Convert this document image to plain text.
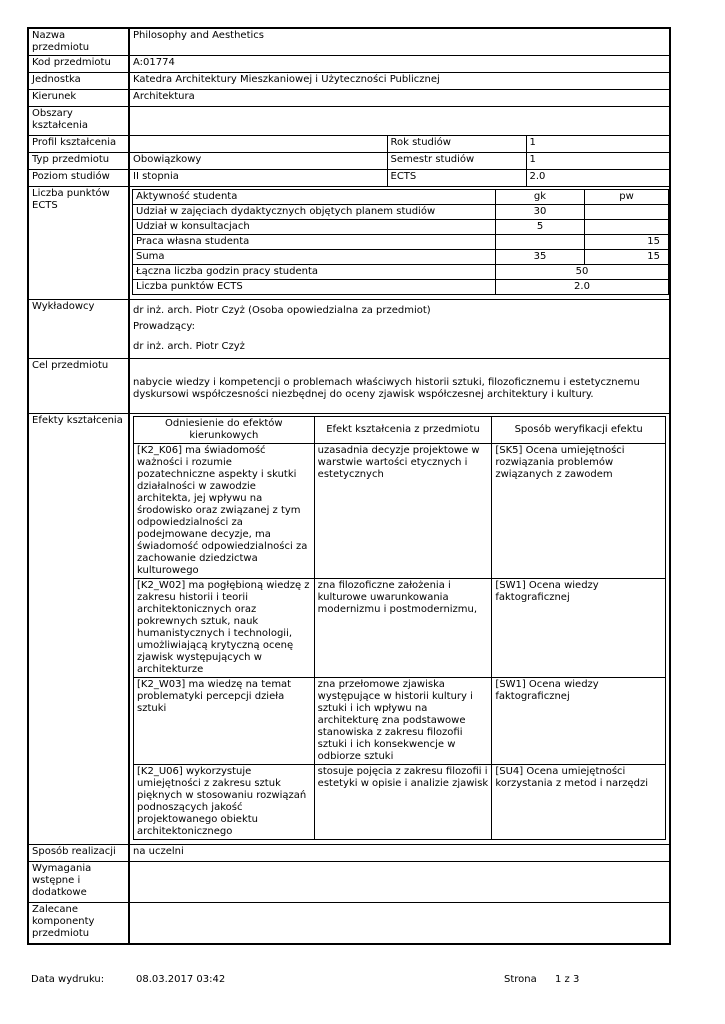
Nazwa przedmiotu	Philosophy and Aesthetics
Kod przedmiotu	A:01774
Jednostka	Katedra Architektury Mieszkaniowej i Użyteczności Publicznej
Kierunek	Architektura
Obszary kształcenia	
Profil kształcenia		Rok studiów	1
Typ przedmiotu	Obowiązkowy	Semestr studiów	1
Poziom studiów	II stopnia	ECTS	2.0
Liczba punktów ECTS	
Aktywność studenta	gk	pw
Udział w zajęciach dydaktycznych objętych planem studiów	30	
Udział w konsultacjach	5	
Praca własna studenta		15
Suma	35	15
Łączna liczba godzin pracy studenta	50
Liczba punktów ECTS	2.0

Wykładowcy	dr inż. arch. Piotr Czyż (Osoba opowiedzialna za przedmiot)

Prowadzący:

dr inż. arch. Piotr Czyż

Cel przedmiotu	nabycie wiedzy i kompetencji o problemach właściwych historii sztuki, filozoficznemu i estetycznemu dyskursowi współczesności niezbędnej do oceny zjawisk współczesnej architektury i kultury.
Efekty kształcenia		Odniesienie do efektów kierunkowych	Efekt kształcenia z przedmiotu	Sposób weryfikacji efektu
[K2_K06] ma świadomość ważności i rozumie pozatechniczne aspekty i skutki działalności w zawodzie architekta, jej wpływu na środowisko oraz związanej z tym odpowiedzialności za podejmowane decyzje, ma świadomość odpowiedzialności za zachowanie dziedzictwa kulturowego	uzasadnia decyzje projektowe w warstwie wartości etycznych i estetycznych	[SK5] Ocena umiejętności rozwiązania problemów związanych z zawodem
[K2_W02] ma pogłębioną wiedzę z zakresu historii i teorii architektonicznych oraz pokrewnych sztuk, nauk humanistycznych i technologii, umożliwiającą krytyczną ocenę zjawisk występujących w architekturze	zna filozoficzne założenia i kulturowe uwarunkowania modernizmu i postmodernizmu,	[SW1] Ocena wiedzy faktograficznej
[K2_W03] ma wiedzę na temat problematyki percepcji dzieła sztuki	zna przełomowe zjawiska występujące w historii kultury i sztuki i ich wpływu na architekturę zna podstawowe stanowiska z zakresu filozofii sztuki i ich konsekwencje w odbiorze sztuki	[SW1] Ocena wiedzy faktograficznej
[K2_U06] wykorzystuje umiejętności z zakresu sztuk pięknych w stosowaniu rozwiązań podnoszących jakość projektowanego obiektu architektonicznego	stosuje pojęcia z zakresu filozofii i estetyki w opisie i analizie zjawisk	[SU4] Ocena umiejętności korzystania z metod i narzędzi

Sposób realizacji	na uczelni
Wymagania wstępne i dodatkowe	
Zalecane komponenty przedmiotu	
Data wydruku:	08.03.2017 03:42	Strona 1 z 3
